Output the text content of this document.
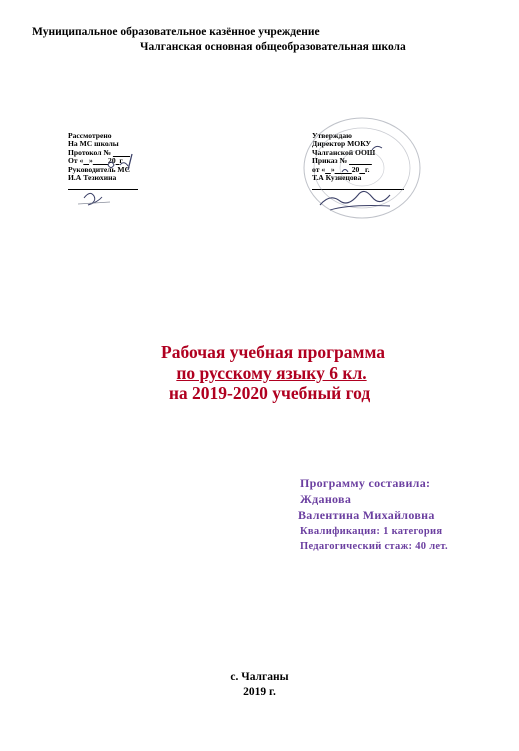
Муниципальное образовательное казённое учреждение
Чалганская основная общеобразовательная школа
Рассмотрено
На МС школы
Протокол №
От « » 20 г
Руководитель МС
И.А Тезюхина
Утверждаю
Директор МОКУ
Чалганской ООШ
Приказ №
от « » 20 г.
Т.А Кузнецова
Рабочая учебная программа
по русскому языку 6 кл.
на 2019-2020 учебный год
Программу составила:
Жданова
Валентина Михайловна
Квалификация: 1 категория
Педагогический стаж: 40 лет.
с. Чалганы
2019 г.
